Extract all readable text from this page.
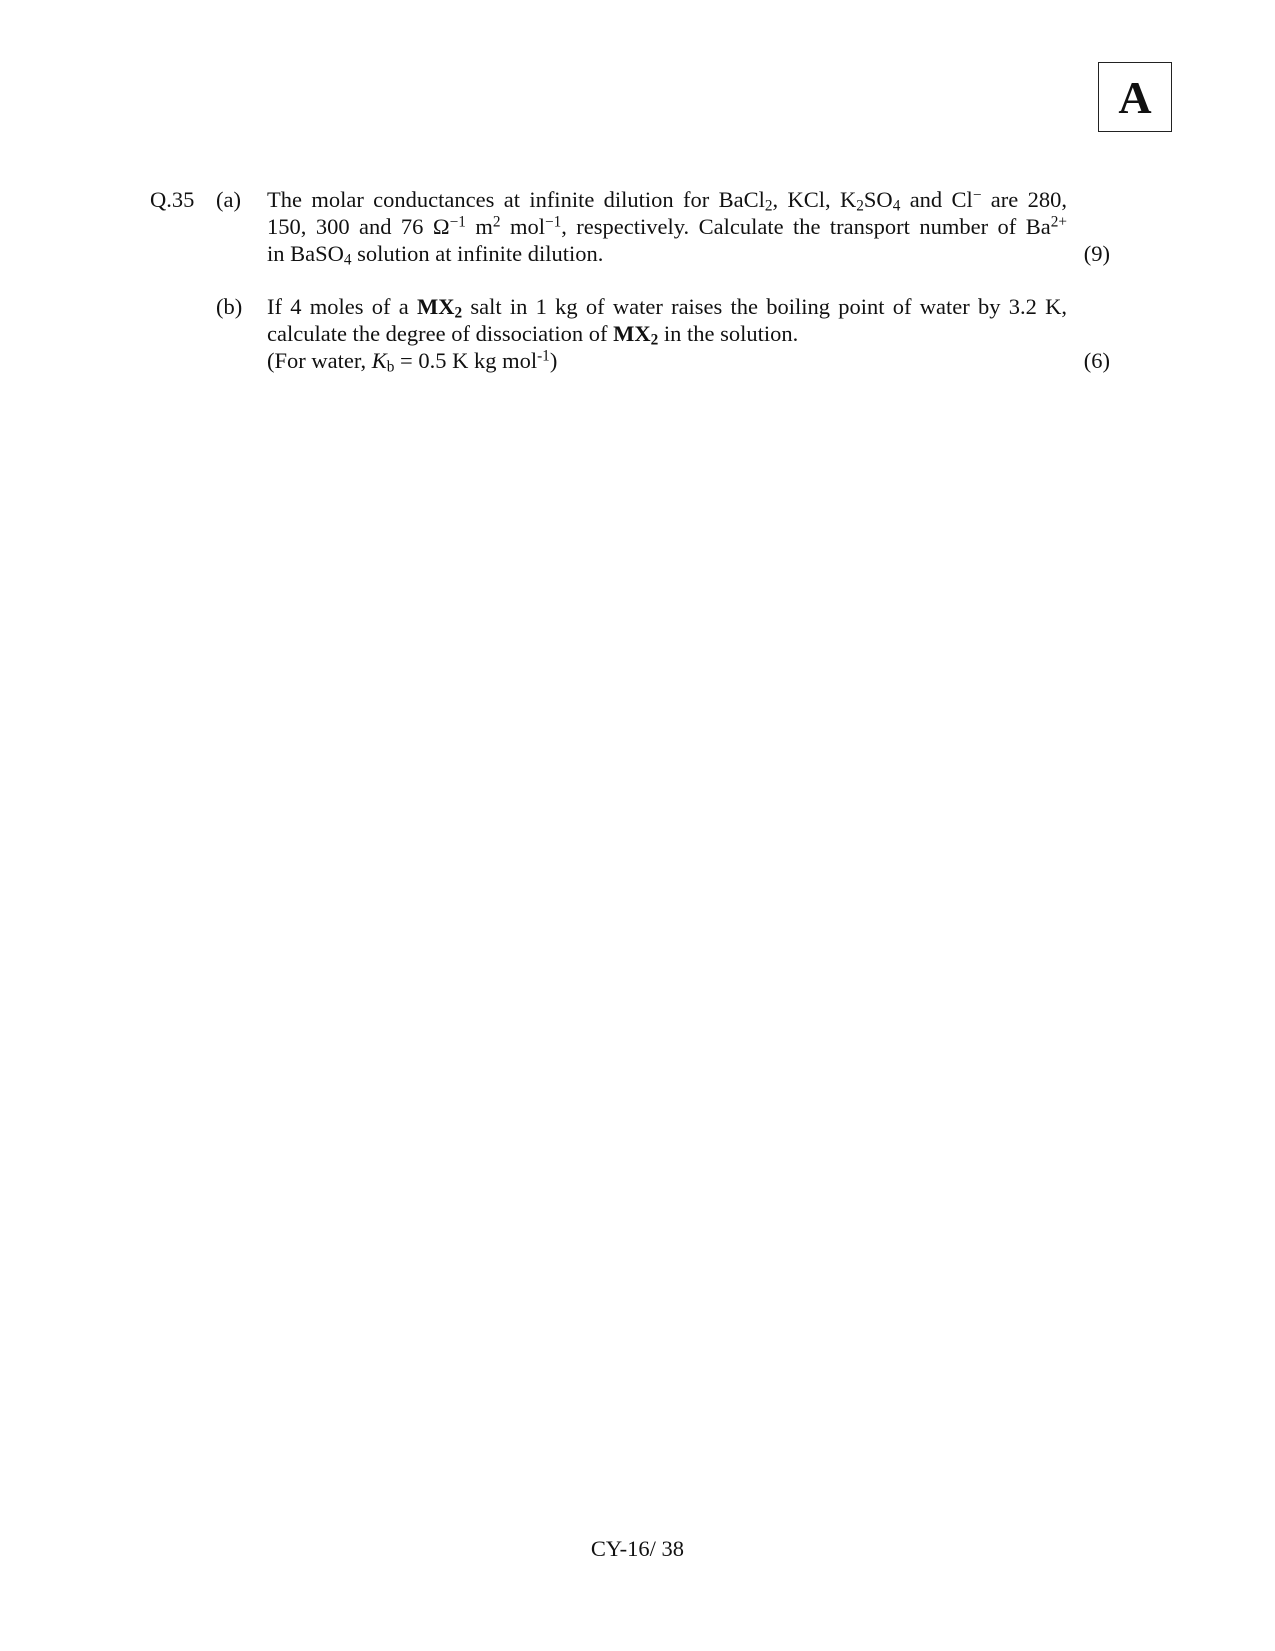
A
Q.35 (a) The molar conductances at infinite dilution for BaCl$_2$, KCl, $K_2SO_4$ and Cl− are 280,
150, 300 and 76 $\Omega^{-1}$ $m^2$ mol$^{-1}$, respectively. Calculate the transport number of $Ba^{2+}$
in BaSO$_4$ solution at infinite dilution.	(9)
(b) If 4 moles of a $MX_2$ salt in 1 kg of water raises the boiling point of water by 3.2 K,
calculate the degree of dissociation of $MX_2$ in the solution.
(For water, $K_b = 0.5$ K kg mol$^{-1}$)	(6)
CY-16/ 38
